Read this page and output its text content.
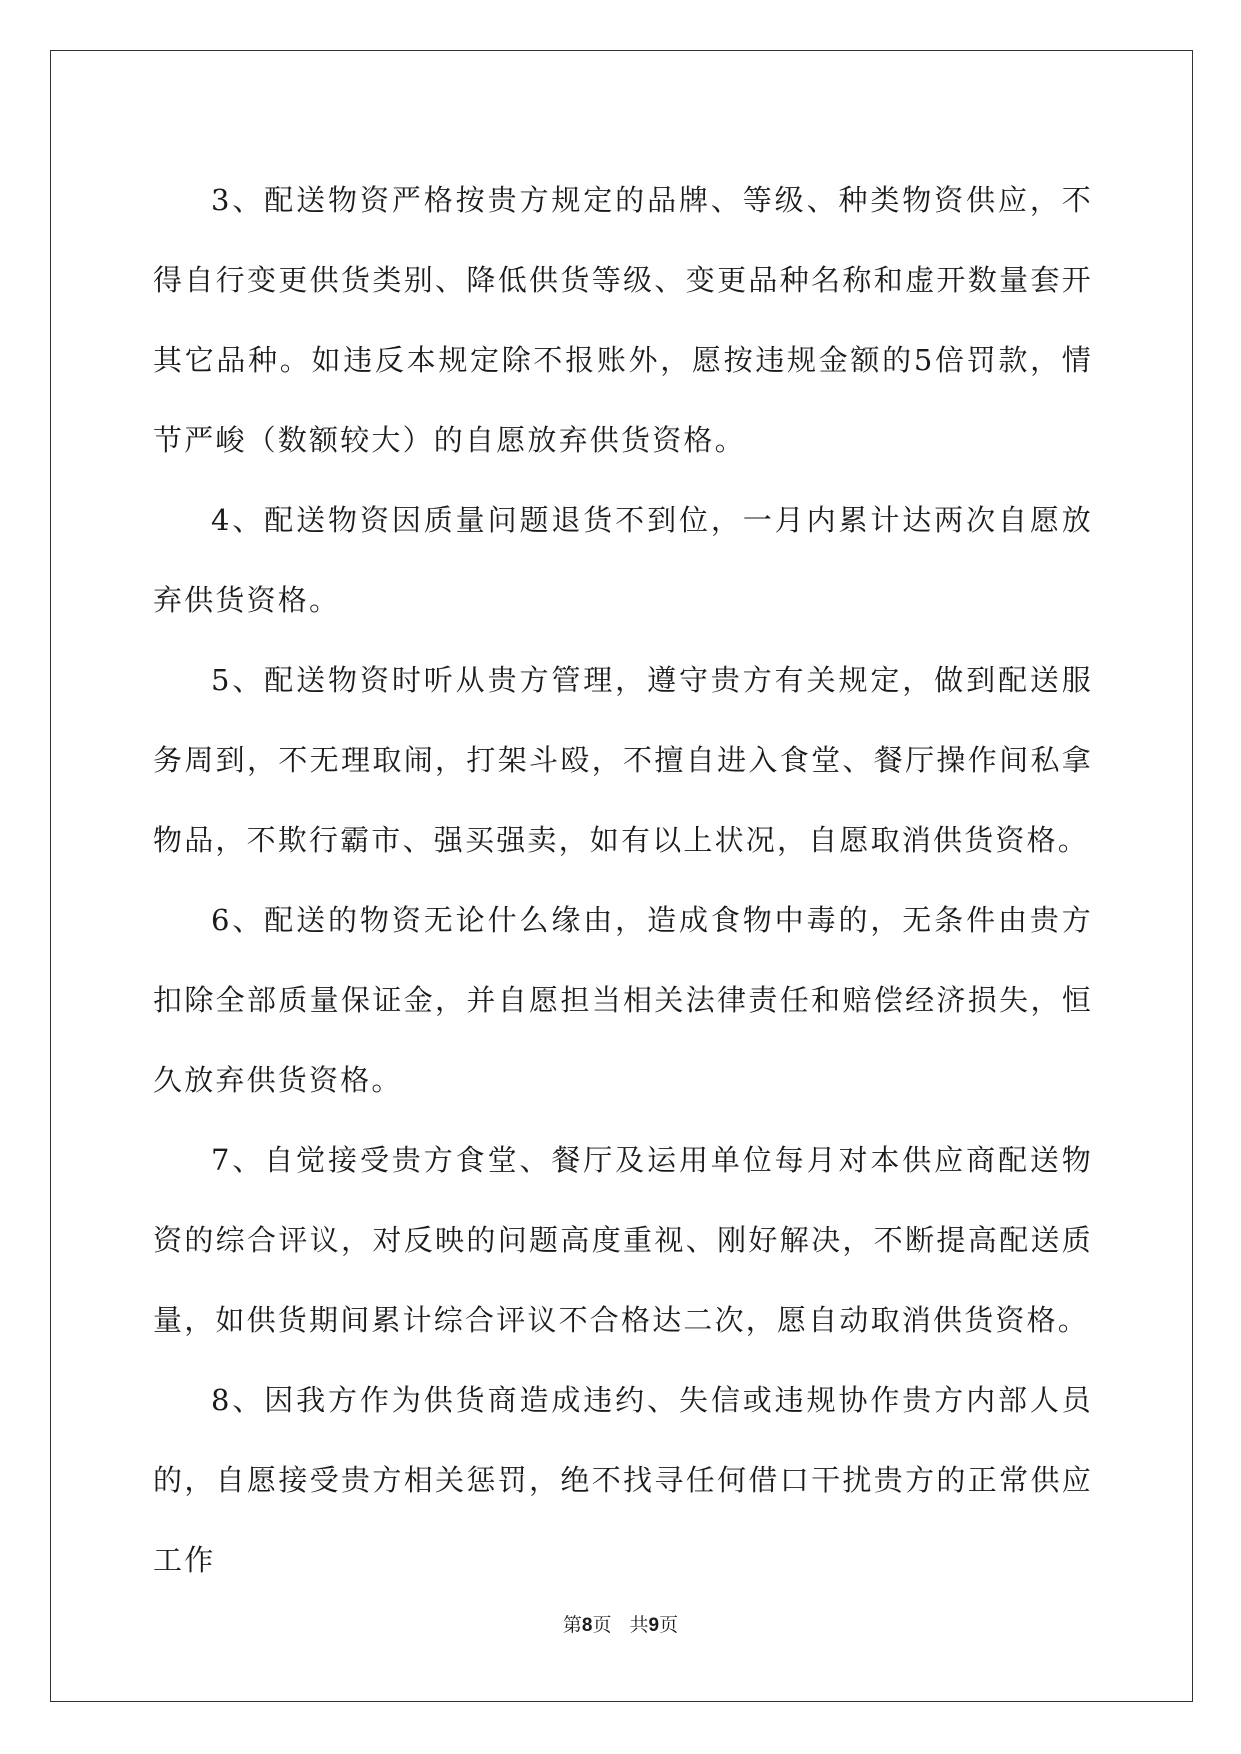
3、配送物资严格按贵方规定的品牌、等级、种类物资供应，不得自行变更供货类别、降低供货等级、变更品种名称和虚开数量套开其它品种。如违反本规定除不报账外，愿按违规金额的5倍罚款，情节严峻（数额较大）的自愿放弃供货资格。

4、配送物资因质量问题退货不到位，一月内累计达两次自愿放弃供货资格。

5、配送物资时听从贵方管理，遵守贵方有关规定，做到配送服务周到，不无理取闹，打架斗殴，不擅自进入食堂、餐厅操作间私拿物品，不欺行霸市、强买强卖，如有以上状况，自愿取消供货资格。

6、配送的物资无论什么缘由，造成食物中毒的，无条件由贵方扣除全部质量保证金，并自愿担当相关法律责任和赔偿经济损失，恒久放弃供货资格。

7、自觉接受贵方食堂、餐厅及运用单位每月对本供应商配送物资的综合评议，对反映的问题高度重视、刚好解决，不断提高配送质量，如供货期间累计综合评议不合格达二次，愿自动取消供货资格。

8、因我方作为供货商造成违约、失信或违规协作贵方内部人员的，自愿接受贵方相关惩罚，绝不找寻任何借口干扰贵方的正常供应工作

第8页 共9页
